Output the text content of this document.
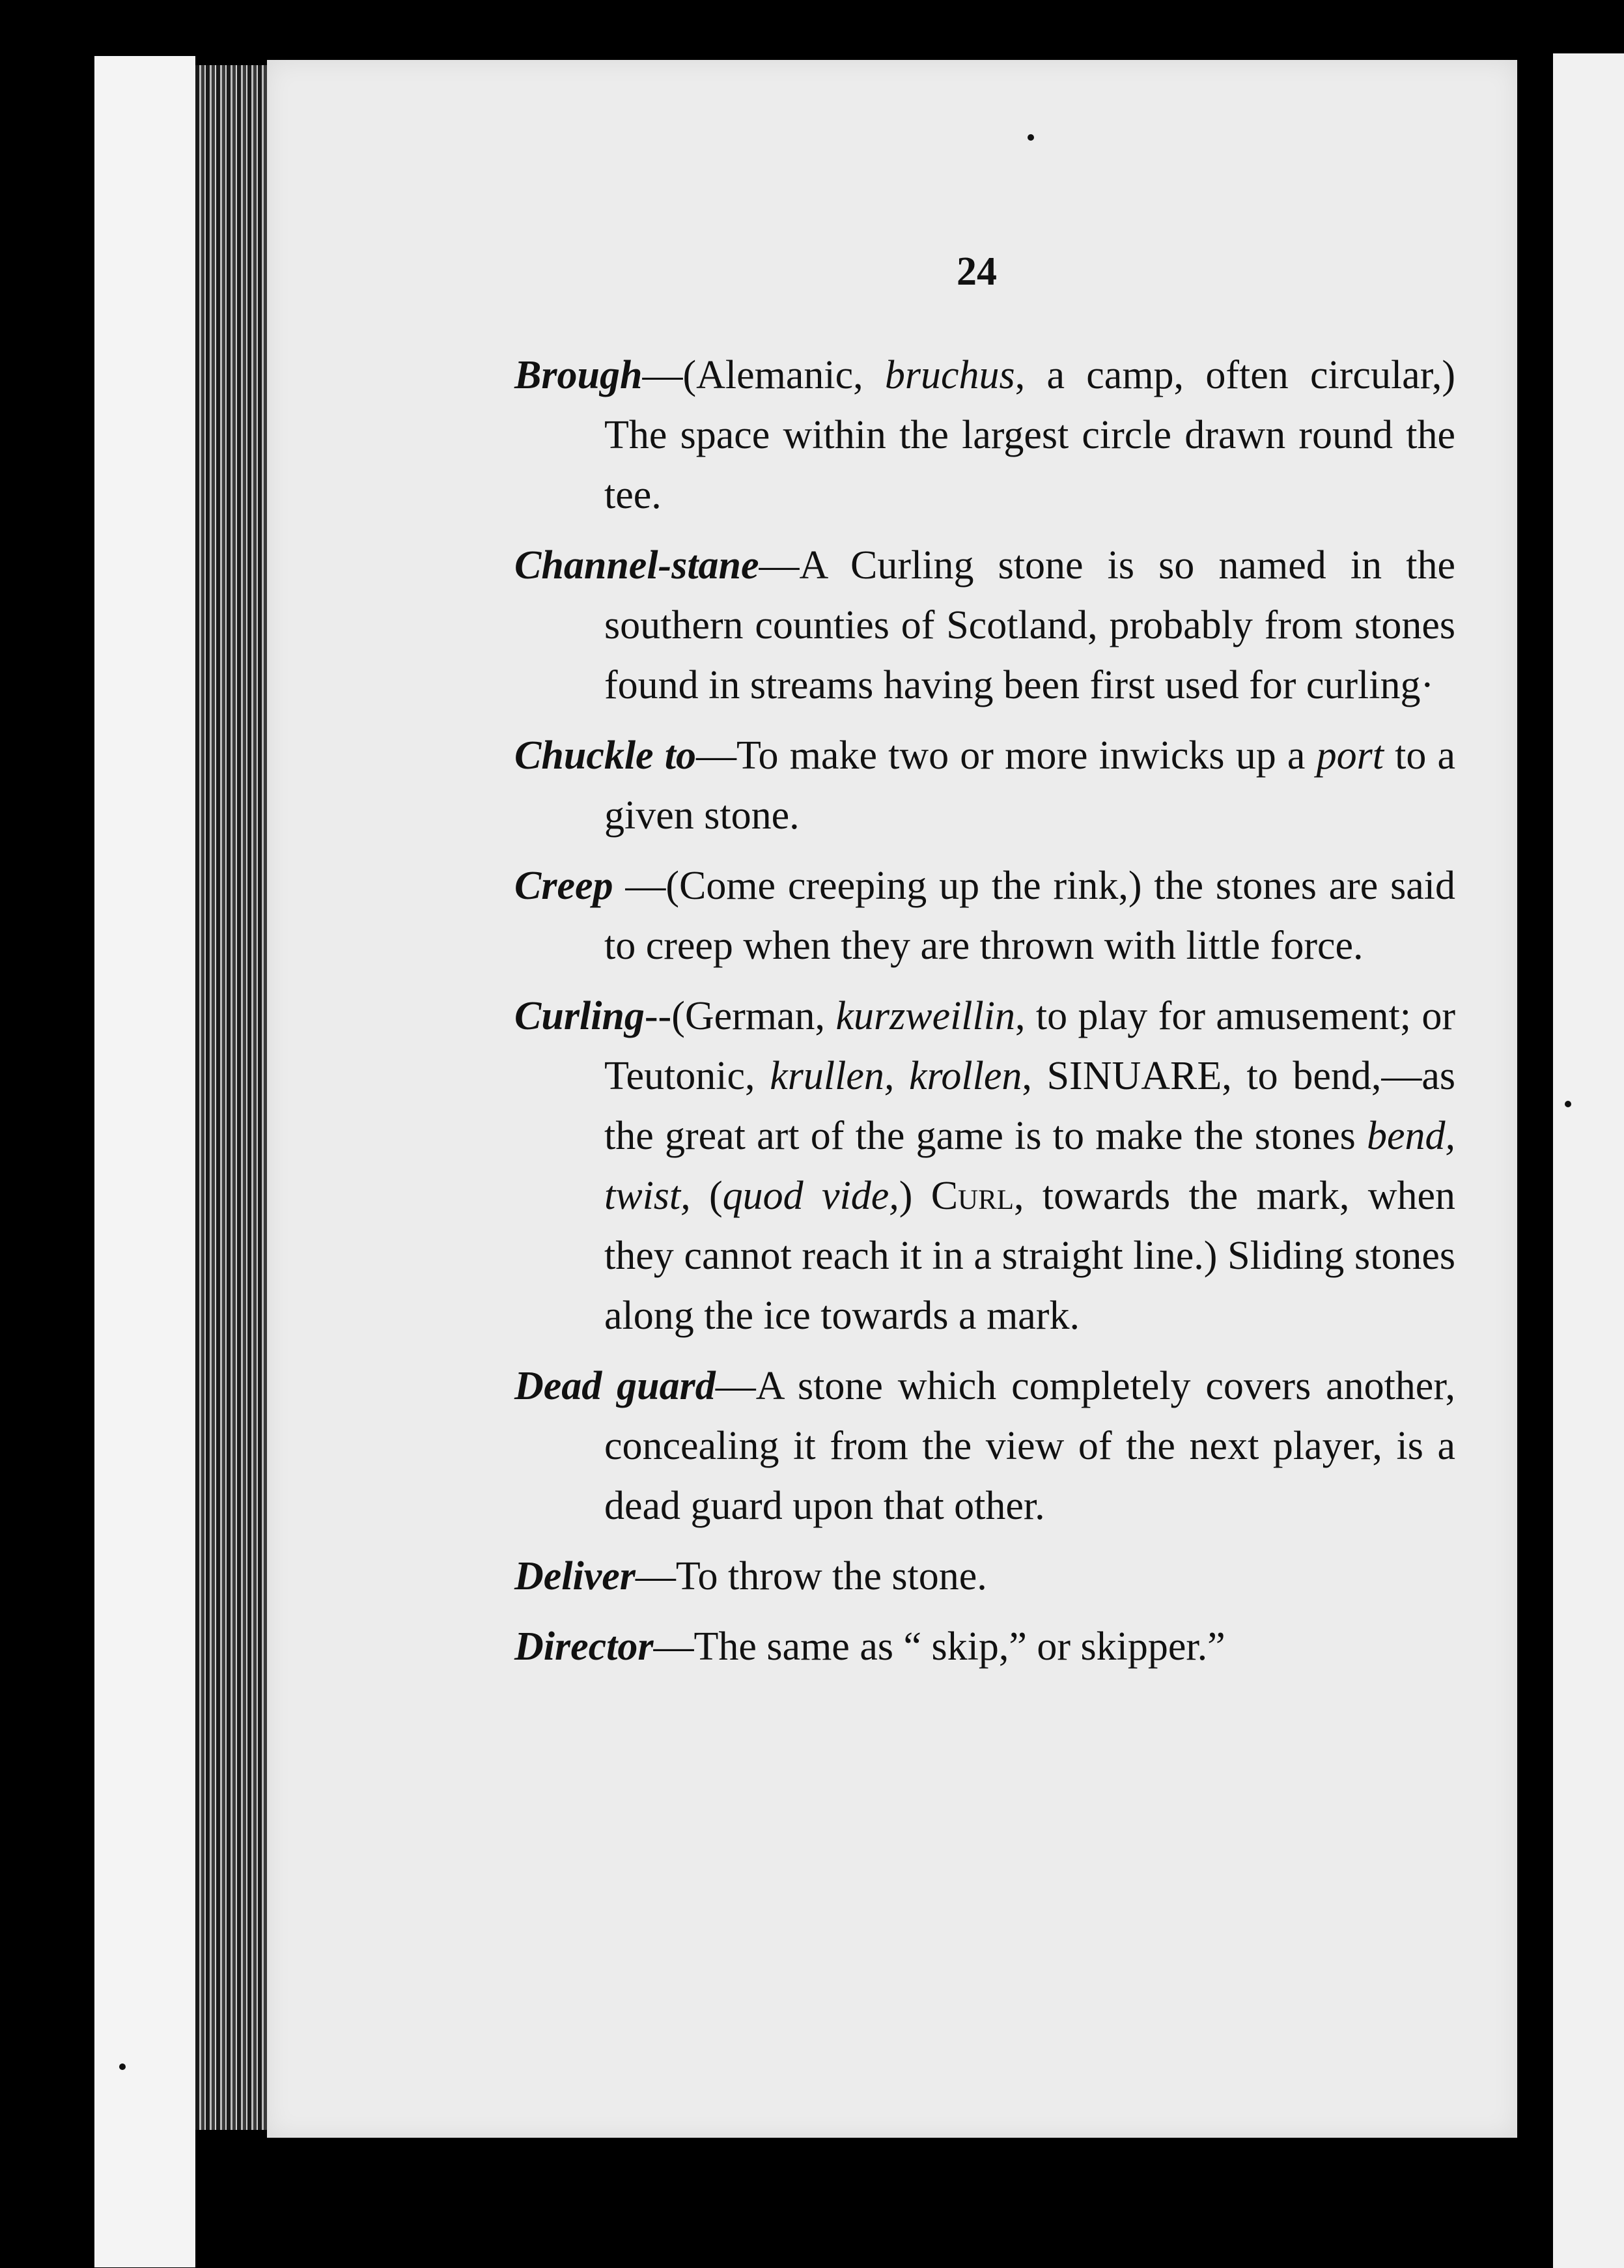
24
Brough—(Alemanic, bruchus, a camp, often circular,) The space within the largest circle drawn round the tee.
Channel-stane—A Curling stone is so named in the southern counties of Scotland, probably from stones found in streams having been first used for curling·
Chuckle to—To make two or more inwicks up a port to a given stone.
Creep —(Come creeping up the rink,) the stones are said to creep when they are thrown with little force.
Curling--(German, kurzweillin, to play for amusement; or Teutonic, krullen, krollen, SINUARE, to bend,—as the great art of the game is to make the stones bend, twist, (quod vide,) Curl, towards the mark, when they cannot reach it in a straight line.) Sliding stones along the ice towards a mark.
Dead guard—A stone which completely covers another, concealing it from the view of the next player, is a dead guard upon that other.
Deliver—To throw the stone.
Director—The same as “ skip,” or skipper.”
